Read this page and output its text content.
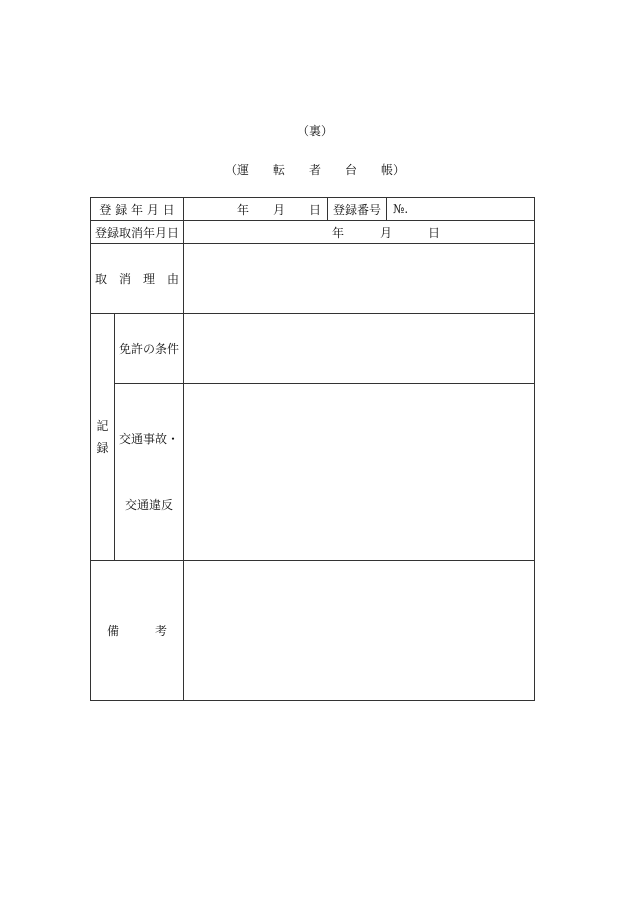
（裏）
（運　　転　　者　　台　　帳）
登 録 年 月 日		年　　月　　日	登録番号	№.
登録取消年月日		年　　　月　　　日		
取　消　理　由				
記
録	免許の条件			

	交通事故・

交通違反			

備　　　考				
